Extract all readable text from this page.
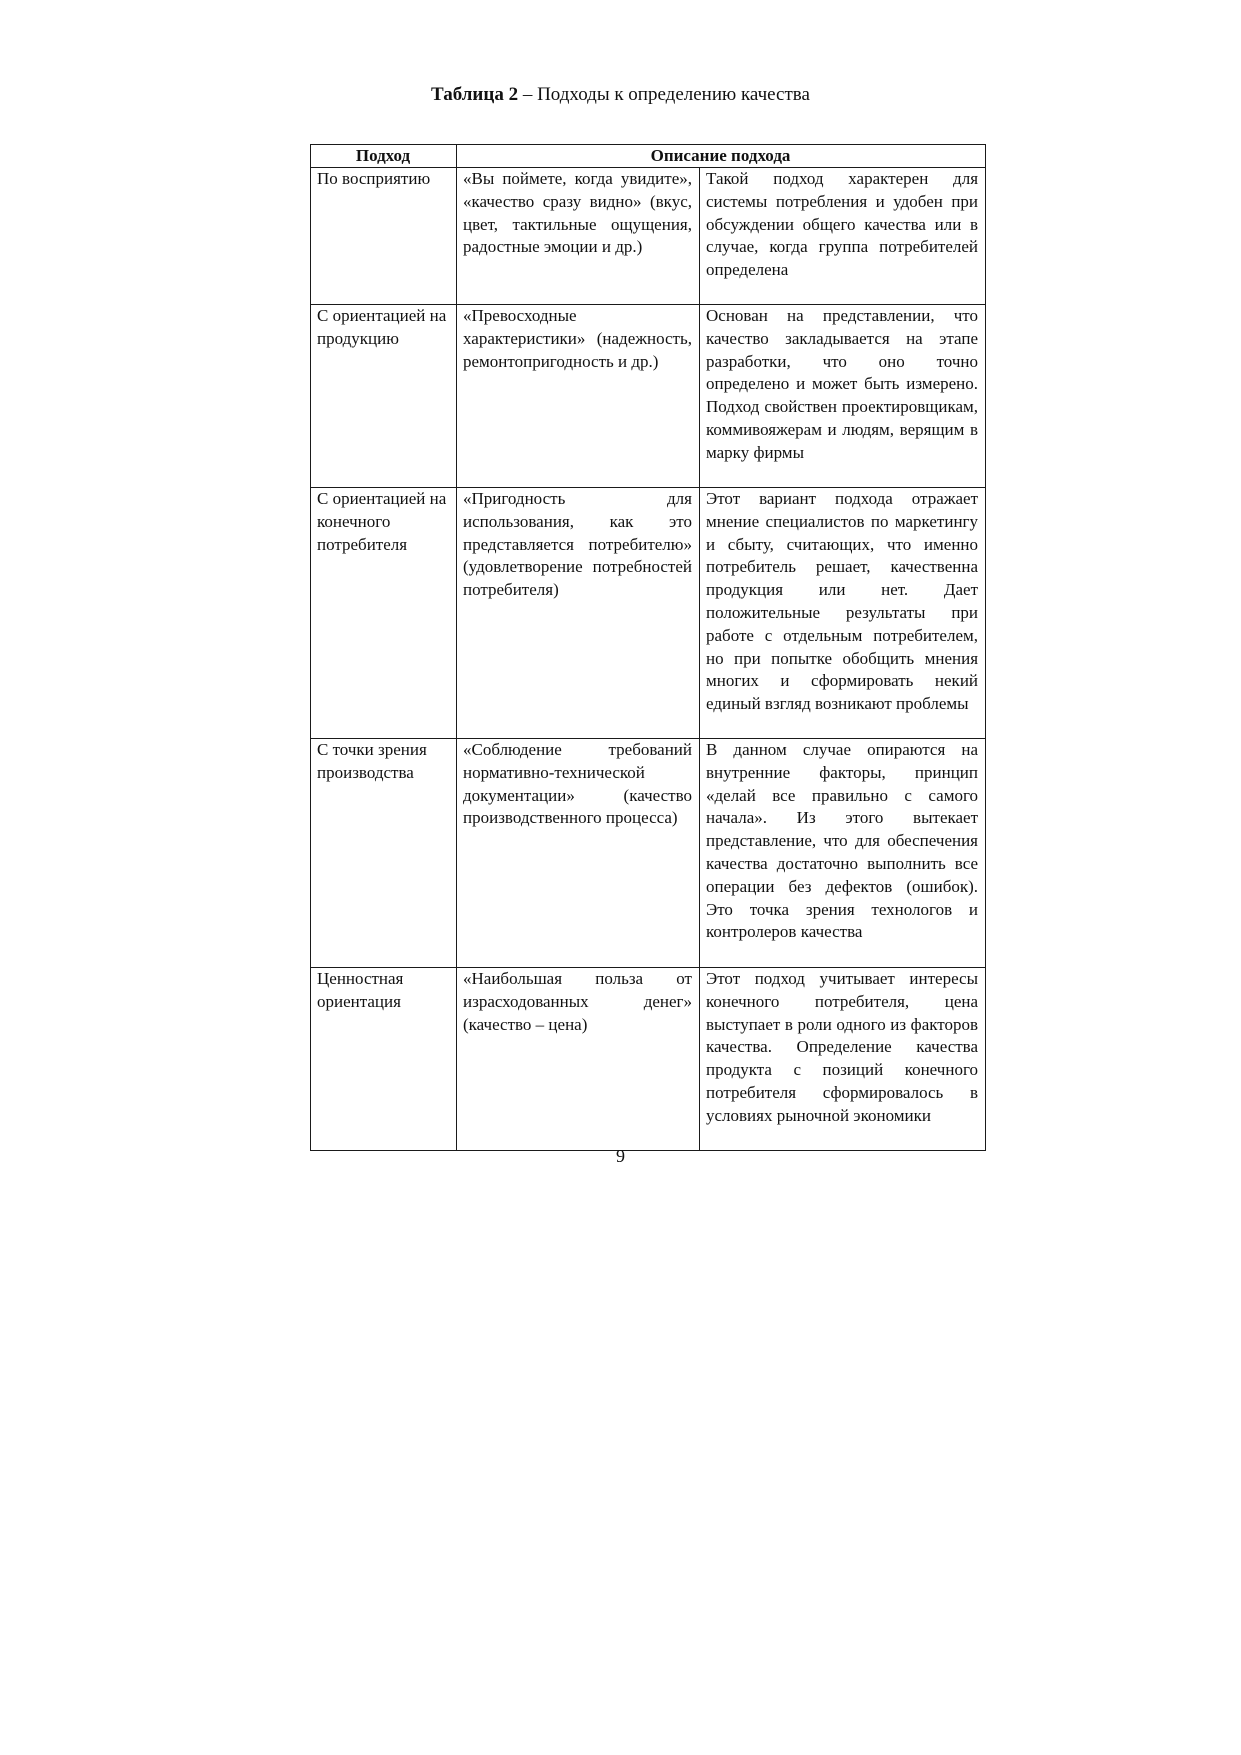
Таблица 2 – Подходы к определению качества

Подход	Описание подхода	
По восприятию	«Вы поймете, когда увидите», «качество сразу видно» (вкус, цвет, тактильные ощущения, радостные эмоции и др.)	Такой подход характерен для системы потребления и удобен при обсуждении общего качества или в случае, когда группа потребителей определена
С ориентацией на продукцию	«Превосходные характеристики» (надежность, ремонтопригодность и др.)	Основан на представлении, что качество закладывается на этапе разработки, что оно точно определено и может быть измерено. Подход свойствен проектировщикам, коммивояжерам и людям, верящим в марку фирмы
С ориентацией на конечного потребителя	«Пригодность для использования, как это представляется потребителю» (удовлетворение потребностей потребителя)	Этот вариант подхода отражает мнение специалистов по маркетингу и сбыту, считающих, что именно потребитель решает, качественна продукция или нет. Дает положительные результаты при работе с отдельным потребителем, но при попытке обобщить мнения многих и сформировать некий единый взгляд возникают проблемы
С точки зрения производства	«Соблюдение требований нормативно-технической документации» (качество производственного процесса)	В данном случае опираются на внутренние факторы, принцип «делай все правильно с самого начала». Из этого вытекает представление, что для обеспечения качества достаточно выполнить все операции без дефектов (ошибок). Это точка зрения технологов и контролеров качества
Ценностная ориентация	«Наибольшая польза от израсходованных денег» (качество – цена)	Этот подход учитывает интересы конечного потребителя, цена выступает в роли одного из факторов качества. Определение качества продукта с позиций конечного потребителя сформировалось в условиях рыночной экономики

9
